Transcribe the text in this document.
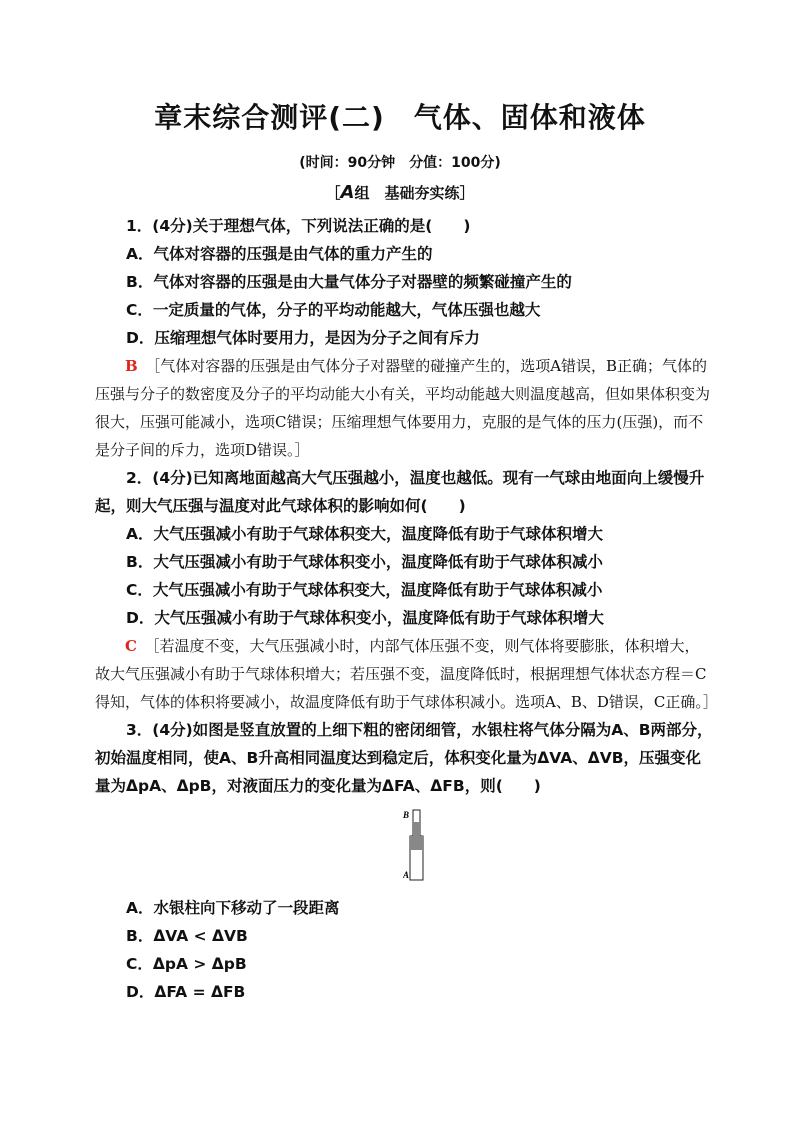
章末综合测评(二)　气体、固体和液体
(时间：90分钟　分值：100分)
［A组　基础夯实练］

1．(4分)关于理想气体，下列说法正确的是(　　)

A．气体对容器的压强是由气体的重力产生的

B．气体对容器的压强是由大量气体分子对器壁的频繁碰撞产生的

C．一定质量的气体，分子的平均动能越大，气体压强也越大

D．压缩理想气体时要用力，是因为分子之间有斥力

B　 ［气体对容器的压强是由气体分子对器壁的碰撞产生的，选项A错误，B正确；气体的压强与分子的数密度及分子的平均动能大小有关，平均动能越大则温度越高，但如果体积变为很大，压强可能减小，选项C错误；压缩理想气体要用力，克服的是气体的压力(压强)，而不是分子间的斥力，选项D错误。］

2．(4分)已知离地面越高大气压强越小，温度也越低。现有一气球由地面向上缓慢升起，则大气压强与温度对此气球体积的影响如何(　　)

A．大气压强减小有助于气球体积变大，温度降低有助于气球体积增大

B．大气压强减小有助于气球体积变小，温度降低有助于气球体积减小

C．大气压强减小有助于气球体积变大，温度降低有助于气球体积减小

D．大气压强减小有助于气球体积变小，温度降低有助于气球体积增大

C　 ［若温度不变，大气压强减小时，内部气体压强不变，则气体将要膨胀，体积增大，故大气压强减小有助于气球体积增大；若压强不变，温度降低时，根据理想气体状态方程＝C得知，气体的体积将要减小，故温度降低有助于气球体积减小。选项A、B、D错误，C正确。］

3．(4分)如图是竖直放置的上细下粗的密闭细管，水银柱将气体分隔为A、B两部分，初始温度相同，使A、B升高相同温度达到稳定后，体积变化量为ΔVA、ΔVB，压强变化量为ΔpA、ΔpB，对液面压力的变化量为ΔFA、ΔFB，则(　　)

B
A

A．水银柱向下移动了一段距离

B．ΔVA < ΔVB

C．ΔpA > ΔpB

D．ΔFA = ΔFB
